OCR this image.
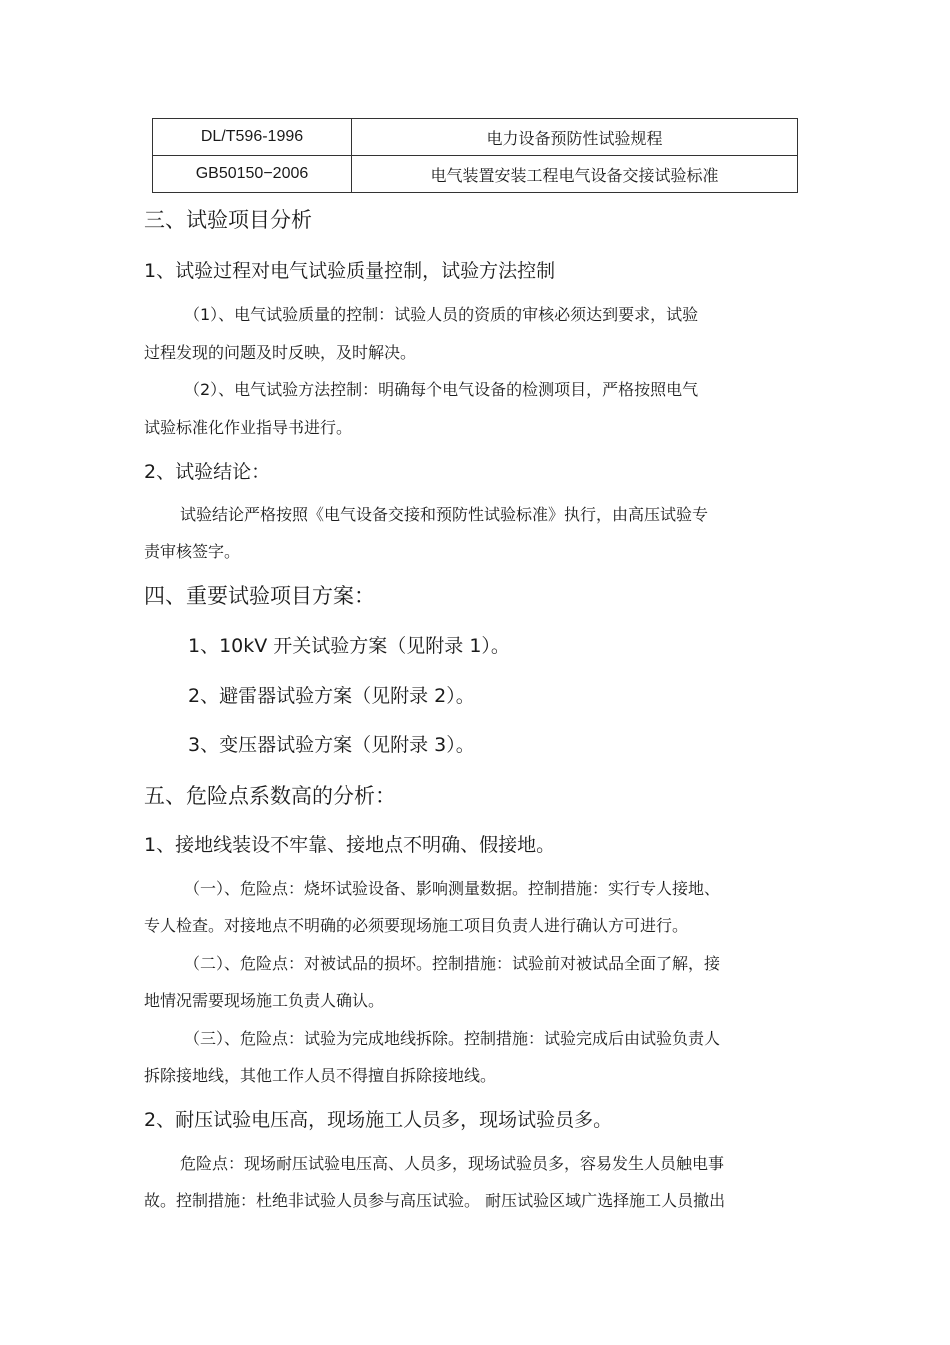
DL/T596-1996	电力设备预防性试验规程
GB50150−2006	电气装置安装工程电气设备交接试验标准
三、试验项目分析
1、试验过程对电气试验质量控制，试验方法控制
（1）、电气试验质量的控制：试验人员的资质的审核必须达到要求，试验
过程发现的问题及时反映，及时解决。
（2）、电气试验方法控制：明确每个电气设备的检测项目，严格按照电气
试验标准化作业指导书进行。
2、试验结论：
试验结论严格按照《电气设备交接和预防性试验标准》执行，由高压试验专
责审核签字。
四、重要试验项目方案：
1、10kV 开关试验方案（见附录 1）。
2、避雷器试验方案（见附录 2）。
3、变压器试验方案（见附录 3）。
五、危险点系数高的分析：
1、接地线装设不牢靠、接地点不明确、假接地。
（一）、危险点：烧坏试验设备、影响测量数据。控制措施：实行专人接地、
专人检查。对接地点不明确的必须要现场施工项目负责人进行确认方可进行。
（二）、危险点：对被试品的损坏。控制措施：试验前对被试品全面了解，接
地情况需要现场施工负责人确认。
（三）、危险点：试验为完成地线拆除。控制措施：试验完成后由试验负责人
拆除接地线，其他工作人员不得擅自拆除接地线。
2、耐压试验电压高，现场施工人员多，现场试验员多。
危险点：现场耐压试验电压高、人员多，现场试验员多，容易发生人员触电事
故。控制措施：杜绝非试验人员参与高压试验。 耐压试验区域广选择施工人员撤出
